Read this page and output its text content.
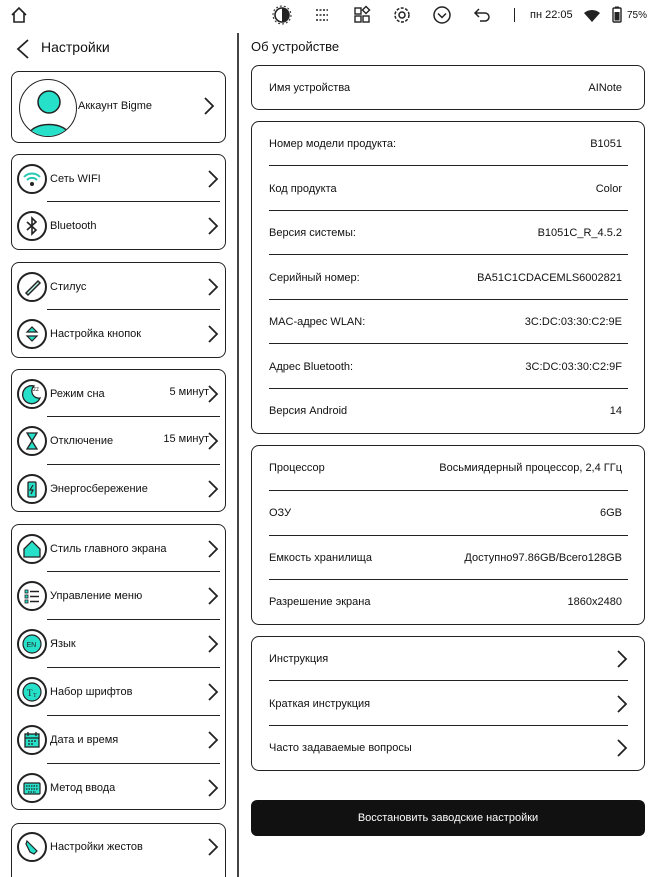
пн 22:05	75%
Настройки
Аккаунт Bigme
Сеть WIFI
Bluetooth
Стилус
Настройка кнопок
zz Режим сна	5 минут
Отключение	15 минут
Энергосбережение
Стиль главного экрана
Управление меню
EN Язык
T T Набор шрифтов
Дата и время
Метод ввода
Настройки жестов
Об устройстве
Имя устройства	AINote
Номер модели продукта:	B1051
Код продукта	Color
Версия системы:	B1051C_R_4.5.2
Серийный номер:	BA51C1CDACEMLS6002821
MAC-адрес WLAN:	3C:DC:03:30:C2:9E
Адрес Bluetooth:	3C:DC:03:30:C2:9F
Версия Android	14
Процессор	Восьмиядерный процессор, 2,4 ГГц
ОЗУ	6GB
Емкость хранилища	Доступно97.86GB/Всего128GB
Разрешение экрана	1860x2480
Инструкция
Краткая инструкция
Часто задаваемые вопросы
Восстановить заводские настройки
